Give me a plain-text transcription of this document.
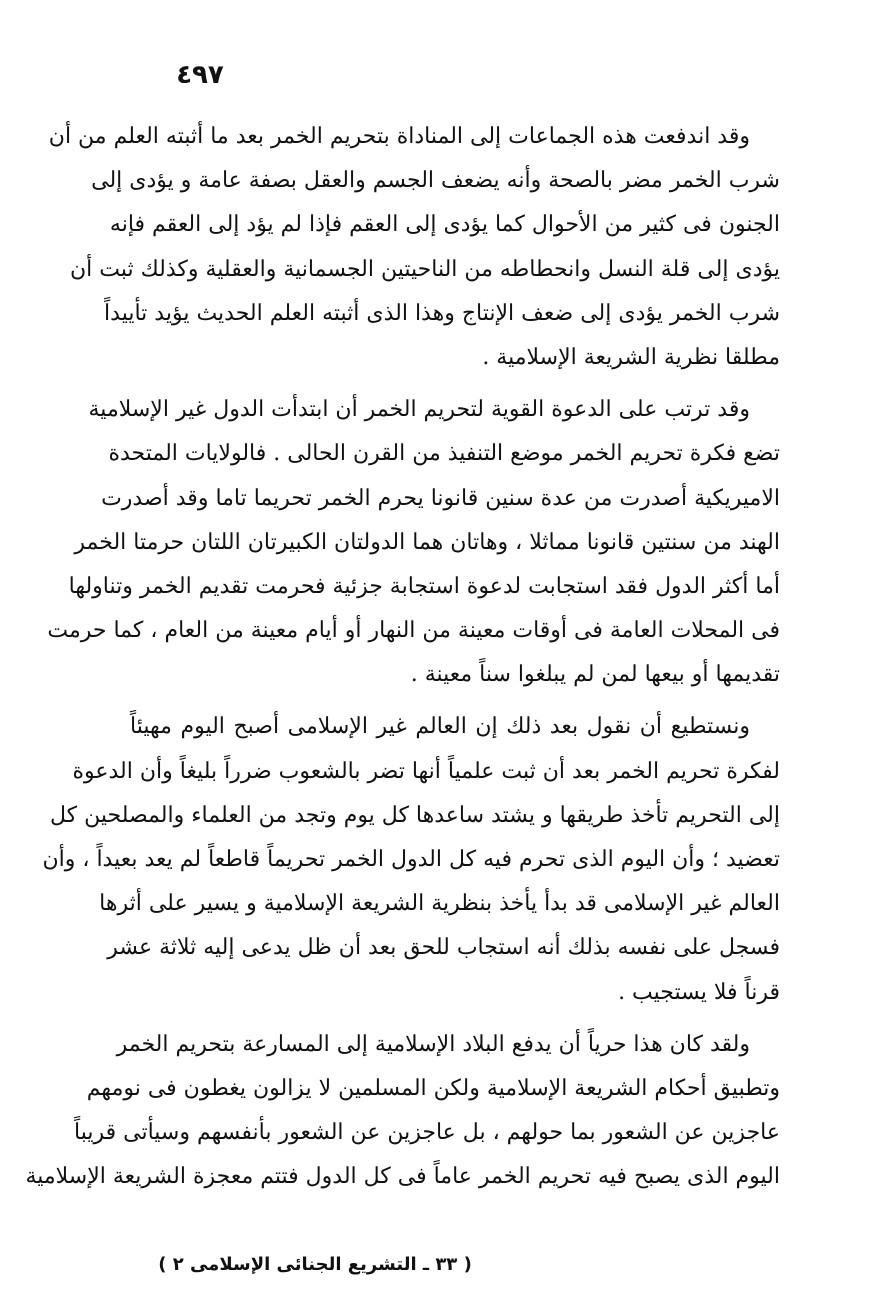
٤٩٧
وقد اندفعت هذه الجماعات إلى المناداة بتحريم الخمر بعد ما أثبته العلم من أن
شرب الخمر مضر بالصحة وأنه يضعف الجسم والعقل بصفة عامة و يؤدى إلى
الجنون فى كثير من الأحوال كما يؤدى إلى العقم فإذا لم يؤد إلى العقم فإنه
يؤدى إلى قلة النسل وانحطاطه من الناحيتين الجسمانية والعقلية وكذلك ثبت أن
شرب الخمر يؤدى إلى ضعف الإنتاج وهذا الذى أثبته العلم الحديث يؤيد تأييداً
مطلقا نظرية الشريعة الإسلامية .
وقد ترتب على الدعوة القوية لتحريم الخمر أن ابتدأت الدول غير الإسلامية
تضع فكرة تحريم الخمر موضع التنفيذ من القرن الحالى . فالولايات المتحدة
الاميريكية أصدرت من عدة سنين قانونا يحرم الخمر تحريما تاما وقد أصدرت
الهند من سنتين قانونا مماثلا ، وهاتان هما الدولتان الكبيرتان اللتان حرمتا الخمر
أما أكثر الدول فقد استجابت لدعوة استجابة جزئية فحرمت تقديم الخمر وتناولها
فى المحلات العامة فى أوقات معينة من النهار أو أيام معينة من العام ، كما حرمت
تقديمها أو بيعها لمن لم يبلغوا سناً معينة .
ونستطيع أن نقول بعد ذلك إن العالم غير الإسلامى أصبح اليوم مهيئاً
لفكرة تحريم الخمر بعد أن ثبت علمياً أنها تضر بالشعوب ضرراً بليغاً وأن الدعوة
إلى التحريم تأخذ طريقها و يشتد ساعدها كل يوم وتجد من العلماء والمصلحين كل
تعضيد ؛ وأن اليوم الذى تحرم فيه كل الدول الخمر تحريماً قاطعاً لم يعد بعيداً ، وأن
العالم غير الإسلامى قد بدأ يأخذ بنظرية الشريعة الإسلامية و يسير على أثرها
فسجل على نفسه بذلك أنه استجاب للحق بعد أن ظل يدعى إليه ثلاثة عشر
قرناً فلا يستجيب .
ولقد كان هذا حرياً أن يدفع البلاد الإسلامية إلى المسارعة بتحريم الخمر
وتطبيق أحكام الشريعة الإسلامية ولكن المسلمين لا يزالون يغطون فى نومهم
عاجزين عن الشعور بما حولهم ، بل عاجزين عن الشعور بأنفسهم وسيأتى قريباً
اليوم الذى يصبح فيه تحريم الخمر عاماً فى كل الدول فتتم معجزة الشريعة الإسلامية
( ٣٣ ـ التشريع الجنائى الإسلامى ٢ )
